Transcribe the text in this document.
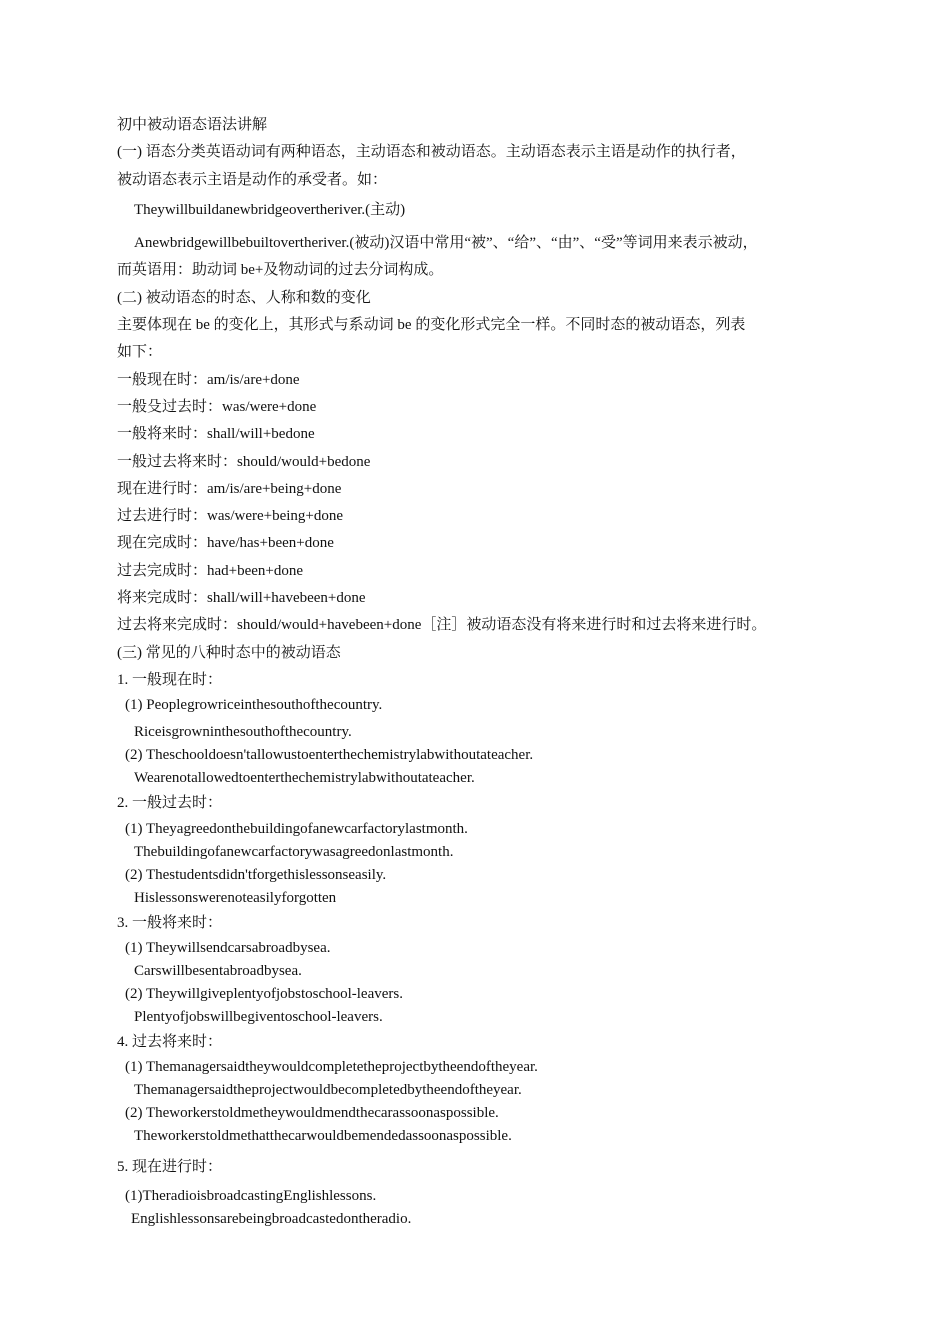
初中被动语态语法讲解
(一) 语态分类英语动词有两种语态，主动语态和被动语态。主动语态表示主语是动作的执行者，
被动语态表示主语是动作的承受者。如：
Theywillbuildanewbridgeovertheriver.(主动)
Anewbridgewillbebuiltovertheriver.(被动)汉语中常用“被”、“给”、“由”、“受”等词用来表示被动，
而英语用：助动词 be+及物动词的过去分词构成。
(二) 被动语态的时态、人称和数的变化
主要体现在 be 的变化上，其形式与系动词 be 的变化形式完全一样。不同时态的被动语态，列表
如下：
一般现在时：am/is/are+done
一般殳过去时：was/were+done
一般将来时：shall/will+bedone
一般过去将来时：should/would+bedone
现在进行时：am/is/are+being+done
过去进行时：was/were+being+done
现在完成时：have/has+been+done
过去完成时：had+been+done
将来完成时：shall/will+havebeen+done
过去将来完成时：should/would+havebeen+done［注］被动语态没有将来进行时和过去将来进行时。
(三) 常见的八种时态中的被动语态
1. 一般现在时：
(1) Peoplegrowriceinthesouthofthecountry.
Riceisgrowninthesouthofthecountry.
(2) Theschooldoesn'tallowustoenterthechemistrylabwithoutateacher.
Wearenotallowedtoenterthechemistrylabwithoutateacher.
2. 一般过去时：
(1) Theyagreedonthebuildingofanewcarfactorylastmonth.
Thebuildingofanewcarfactorywasagreedonlastmonth.
(2) Thestudentsdidn'tforgethislessonseasily.
Hislessonswerenoteasilyforgotten
3. 一般将来时：
(1) Theywillsendcarsabroadbysea.
Carswillbesentabroadbysea.
(2) Theywillgiveplentyofjobstoschool-leavers.
Plentyofjobswillbegiventoschool-leavers.
4. 过去将来时：
(1) Themanagersaidtheywouldcompletetheprojectbytheendoftheyear.
Themanagersaidtheprojectwouldbecompletedbytheendoftheyear.
(2) Theworkerstoldmetheywouldmendthecarassoonaspossible.
Theworkerstoldmethatthecarwouldbemendedassoonaspossible.
5. 现在进行时：
(1)TheradioisbroadcastingEnglishlessons.
Englishlessonsarebeingbroadcastedontheradio.
